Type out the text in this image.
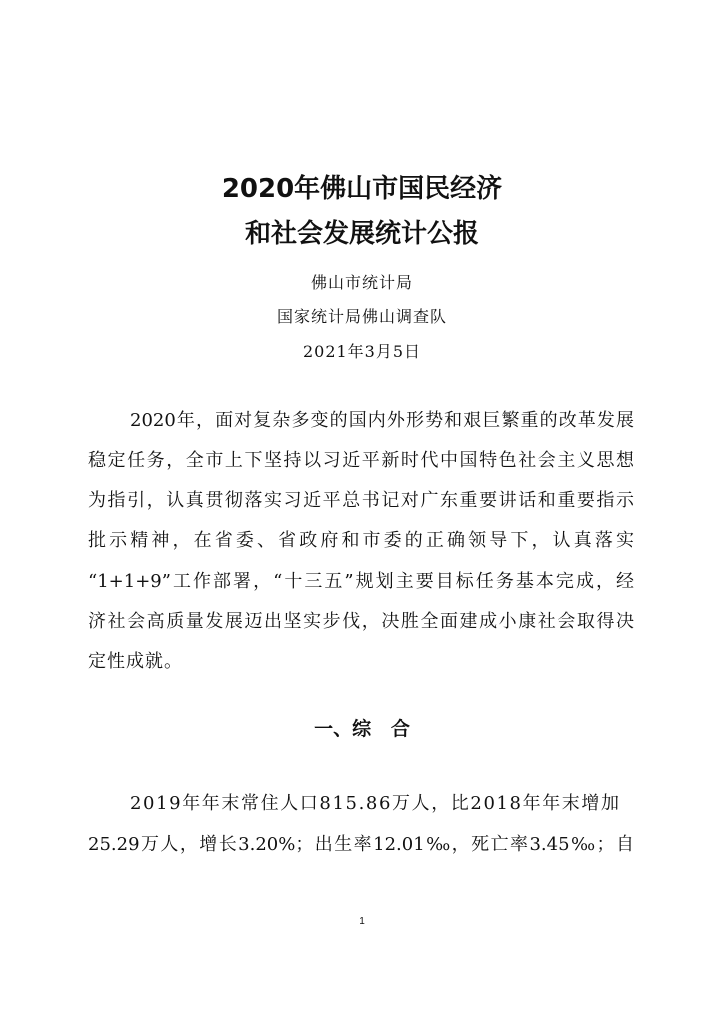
2020年佛山市国民经济
和社会发展统计公报
佛山市统计局
国家统计局佛山调查队
2021年3月5日
2020年，面对复杂多变的国内外形势和艰巨繁重的改革发展
稳定任务，全市上下坚持以习近平新时代中国特色社会主义思想
为指引，认真贯彻落实习近平总书记对广东重要讲话和重要指示
批示精神，在省委、省政府和市委的正确领导下，认真落实
“1+1+9”工作部署，“十三五”规划主要目标任务基本完成，经
济社会高质量发展迈出坚实步伐，决胜全面建成小康社会取得决
定性成就。
一、综   合
2019年年末常住人口815.86万人，比2018年年末增加
25.29万人，增长3.20%；出生率12.01‰，死亡率3.45‰；自
1
